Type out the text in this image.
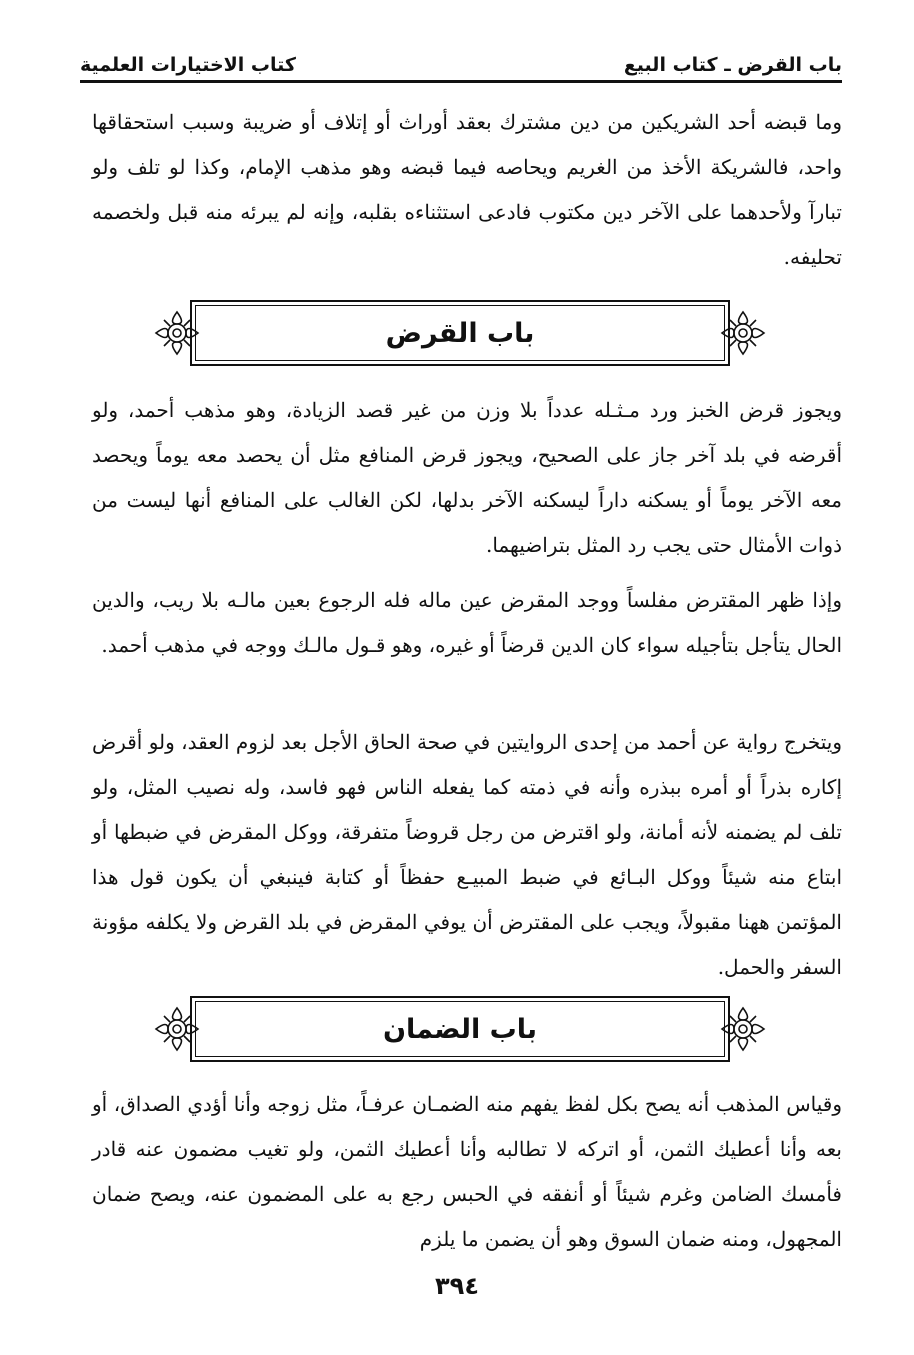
باب القرض ـ كتاب البيع
كتاب الاختيارات العلمية

وما قبضه أحد الشريكين من دين مشترك بعقد أوراث أو إتلاف أو ضريبة وسبب استحقاقها واحد، فالشريكة الأخذ من الغريم ويحاصه فيما قبضه وهو مذهب الإمام، وكذا لو تلف ولو تبارآ ولأحدهما على الآخر دين مكتوب فادعى استثناءه بقلبه، وإنه لم يبرئه منه قبل ولخصمه تحليفه.

باب القرض

ويجوز قرض الخبز ورد مـثـله عدداً بلا وزن من غير قصد الزيادة، وهو مذهب أحمد، ولو أقرضه في بلد آخر جاز على الصحيح، ويجوز قرض المنافع مثل أن يحصد معه يوماً ويحصد معه الآخر يوماً أو يسكنه داراً ليسكنه الآخر بدلها، لكن الغالب على المنافع أنها ليست من ذوات الأمثال حتى يجب رد المثل بتراضيهما.

وإذا ظهر المقترض مفلساً ووجد المقرض عين ماله فله الرجوع بعين مالـه بلا ريب، والدين الحال يتأجل بتأجيله سواء كان الدين قرضاً أو غيره، وهو قـول مالـك ووجه في مذهب أحمد.

ويتخرج رواية عن أحمد من إحدى الروايتين في صحة الحاق الأجل بعد لزوم العقد، ولو أقرض إكاره بذراً أو أمره ببذره وأنه في ذمته كما يفعله الناس فهو فاسد، وله نصيب المثل، ولو تلف لم يضمنه لأنه أمانة، ولو اقترض من رجل قروضاً متفرقة، ووكل المقرض في ضبطها أو ابتاع منه شيئاً ووكل البـائع في ضبط المبيـع حفظاً أو كتابة فينبغي أن يكون قول هذا المؤتمن ههنا مقبولاً، ويجب على المقترض أن يوفي المقرض في بلد القرض ولا يكلفه مؤونة السفر والحمل.

باب الضمان

وقياس المذهب أنه يصح بكل لفظ يفهم منه الضمـان عرفـاً، مثل زوجه وأنا أؤدي الصداق، أو بعه وأنا أعطيك الثمن، أو اتركه لا تطالبه وأنا أعطيك الثمن، ولو تغيب مضمون عنه قادر فأمسك الضامن وغرم شيئاً أو أنفقه في الحبس رجع به على المضمون عنه، ويصح ضمان المجهول، ومنه ضمان السوق وهو أن يضمن ما يلزم

٣٩٤
